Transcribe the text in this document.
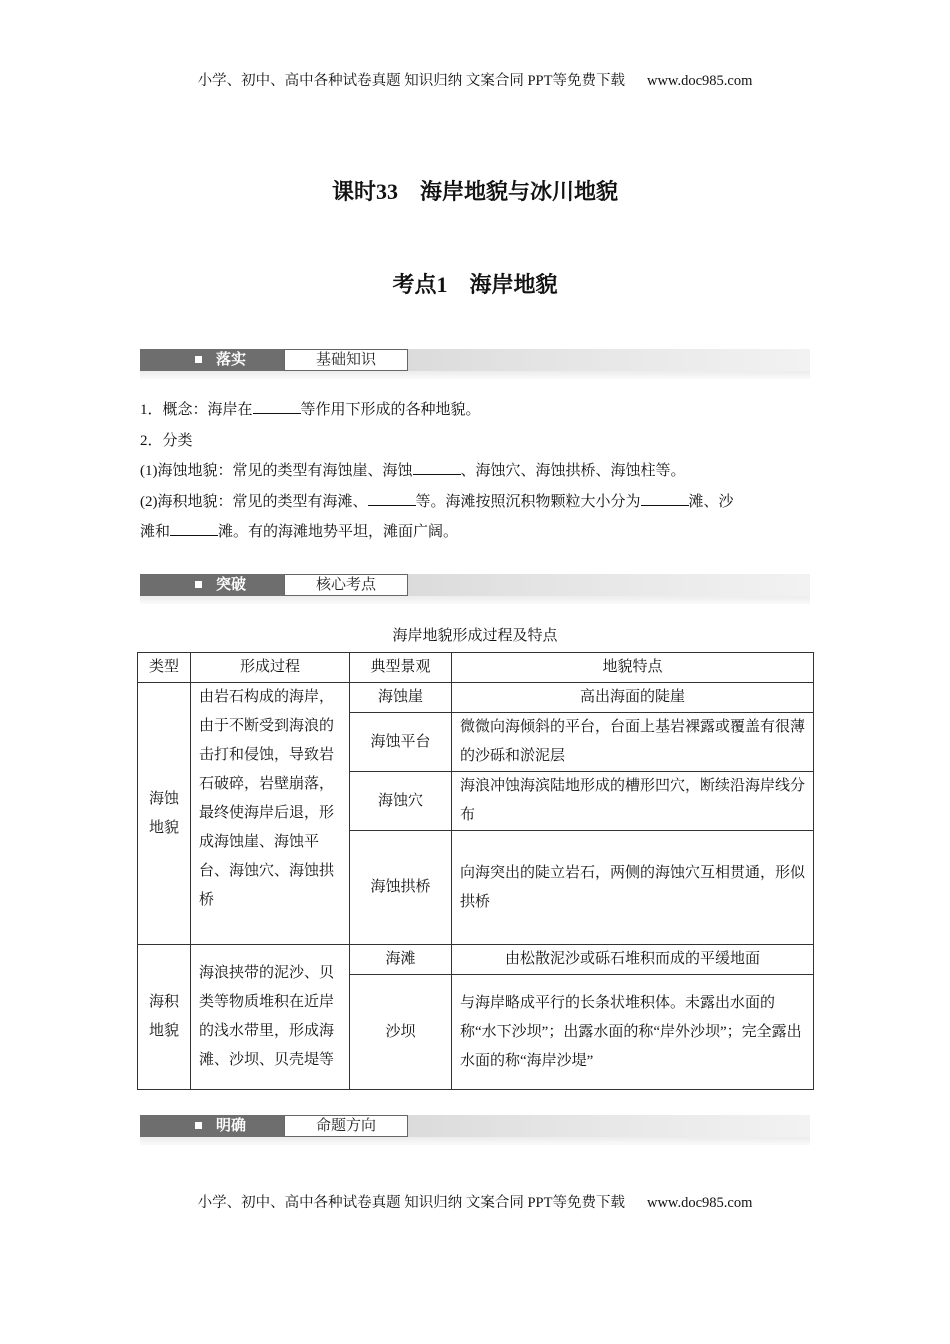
小学、初中、高中各种试卷真题 知识归纳 文案合同 PPT等免费下载 www.doc985.com
课时33　海岸地貌与冰川地貌
考点1　海岸地貌
落实	基础知识
1．概念：海岸在	等作用下形成的各种地貌。
2．分类
(1)海蚀地貌：常见的类型有海蚀崖、海蚀	、海蚀穴、海蚀拱桥、海蚀柱等。
(2)海积地貌：常见的类型有海滩、	等。海滩按照沉积物颗粒大小分为	滩、沙
滩和	滩。有的海滩地势平坦，滩面广阔。
突破	核心考点
海岸地貌形成过程及特点
类型	形成过程	典型景观	地貌特点
海蚀
地貌	由岩石构成的海岸，由于不断受到海浪的击打和侵蚀，导致岩石破碎，岩壁崩落，最终使海岸后退，形成海蚀崖、海蚀平台、海蚀穴、海蚀拱桥	海蚀崖	高出海面的陡崖
		海蚀平台	微微向海倾斜的平台，台面上基岩裸露或覆盖有很薄的沙砾和淤泥层
		海蚀穴	海浪冲蚀海滨陆地形成的槽形凹穴，断续沿海岸线分布
		海蚀拱桥	向海突出的陡立岩石，两侧的海蚀穴互相贯通，形似拱桥
海积
地貌	海浪挟带的泥沙、贝类等物质堆积在近岸的浅水带里，形成海滩、沙坝、贝壳堤等	海滩	由松散泥沙或砾石堆积而成的平缓地面
		沙坝	与海岸略成平行的长条状堆积体。未露出水面的称“水下沙坝”；出露水面的称“岸外沙坝”；完全露出水面的称“海岸沙堤”
明确	命题方向
小学、初中、高中各种试卷真题 知识归纳 文案合同 PPT等免费下载 www.doc985.com
